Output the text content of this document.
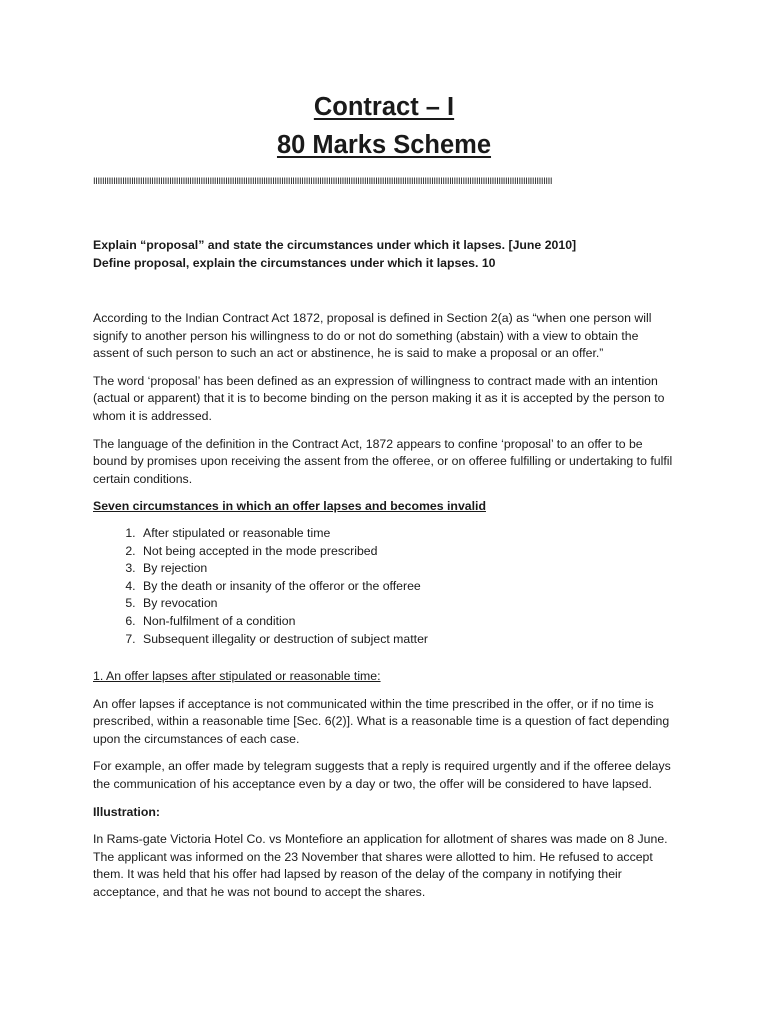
Contract – I
80 Marks Scheme
IIIIIIIIIIIIIIIIIIIIIIIIIIIIIIIIIIIIIIIIIIIIIIIIIIIIIIIIIIIIIIIIIIIIIIIIIIIIIIIIIIIIIIIIIIIIIIIIIIIIIIIIIIIIIIIIIIIIIIIIIIIIIIIIIIIIIIIIIIIIIIIIIIIIIIIIIIIIIIIIIIIIIIIIIIIIIIIIIIIIIIIIIIIIIIIIIIIIIIIIIIIII
Explain “proposal” and state the circumstances under which it lapses. [June 2010]
Define proposal, explain the circumstances under which it lapses. 10

According to the Indian Contract Act 1872, proposal is defined in Section 2(a) as “when one person will signify to another person his willingness to do or not do something (abstain) with a view to obtain the assent of such person to such an act or abstinence, he is said to make a proposal or an offer.”

The word ‘proposal’ has been defined as an expression of willingness to contract made with an intention (actual or apparent) that it is to become binding on the person making it as it is accepted by the person to whom it is addressed.

The language of the definition in the Contract Act, 1872 appears to confine ‘proposal’ to an offer to be bound by promises upon receiving the assent from the offeree, or on offeree fulfilling or undertaking to fulfil certain conditions.

Seven circumstances in which an offer lapses and becomes invalid
1. After stipulated or reasonable time
2. Not being accepted in the mode prescribed
3. By rejection
4. By the death or insanity of the offeror or the offeree
5. By revocation
6. Non-fulfilment of a condition
7. Subsequent illegality or destruction of subject matter
1. An offer lapses after stipulated or reasonable time:

An offer lapses if acceptance is not communicated within the time prescribed in the offer, or if no time is prescribed, within a reasonable time [Sec. 6(2)]. What is a reasonable time is a question of fact depending upon the circumstances of each case.

For example, an offer made by telegram suggests that a reply is required urgently and if the offeree delays the communication of his acceptance even by a day or two, the offer will be considered to have lapsed.

Illustration:

In Rams-gate Victoria Hotel Co. vs Montefiore an application for allotment of shares was made on 8 June. The applicant was informed on the 23 November that shares were allotted to him. He refused to accept them. It was held that his offer had lapsed by reason of the delay of the company in notifying their acceptance, and that he was not bound to accept the shares.
